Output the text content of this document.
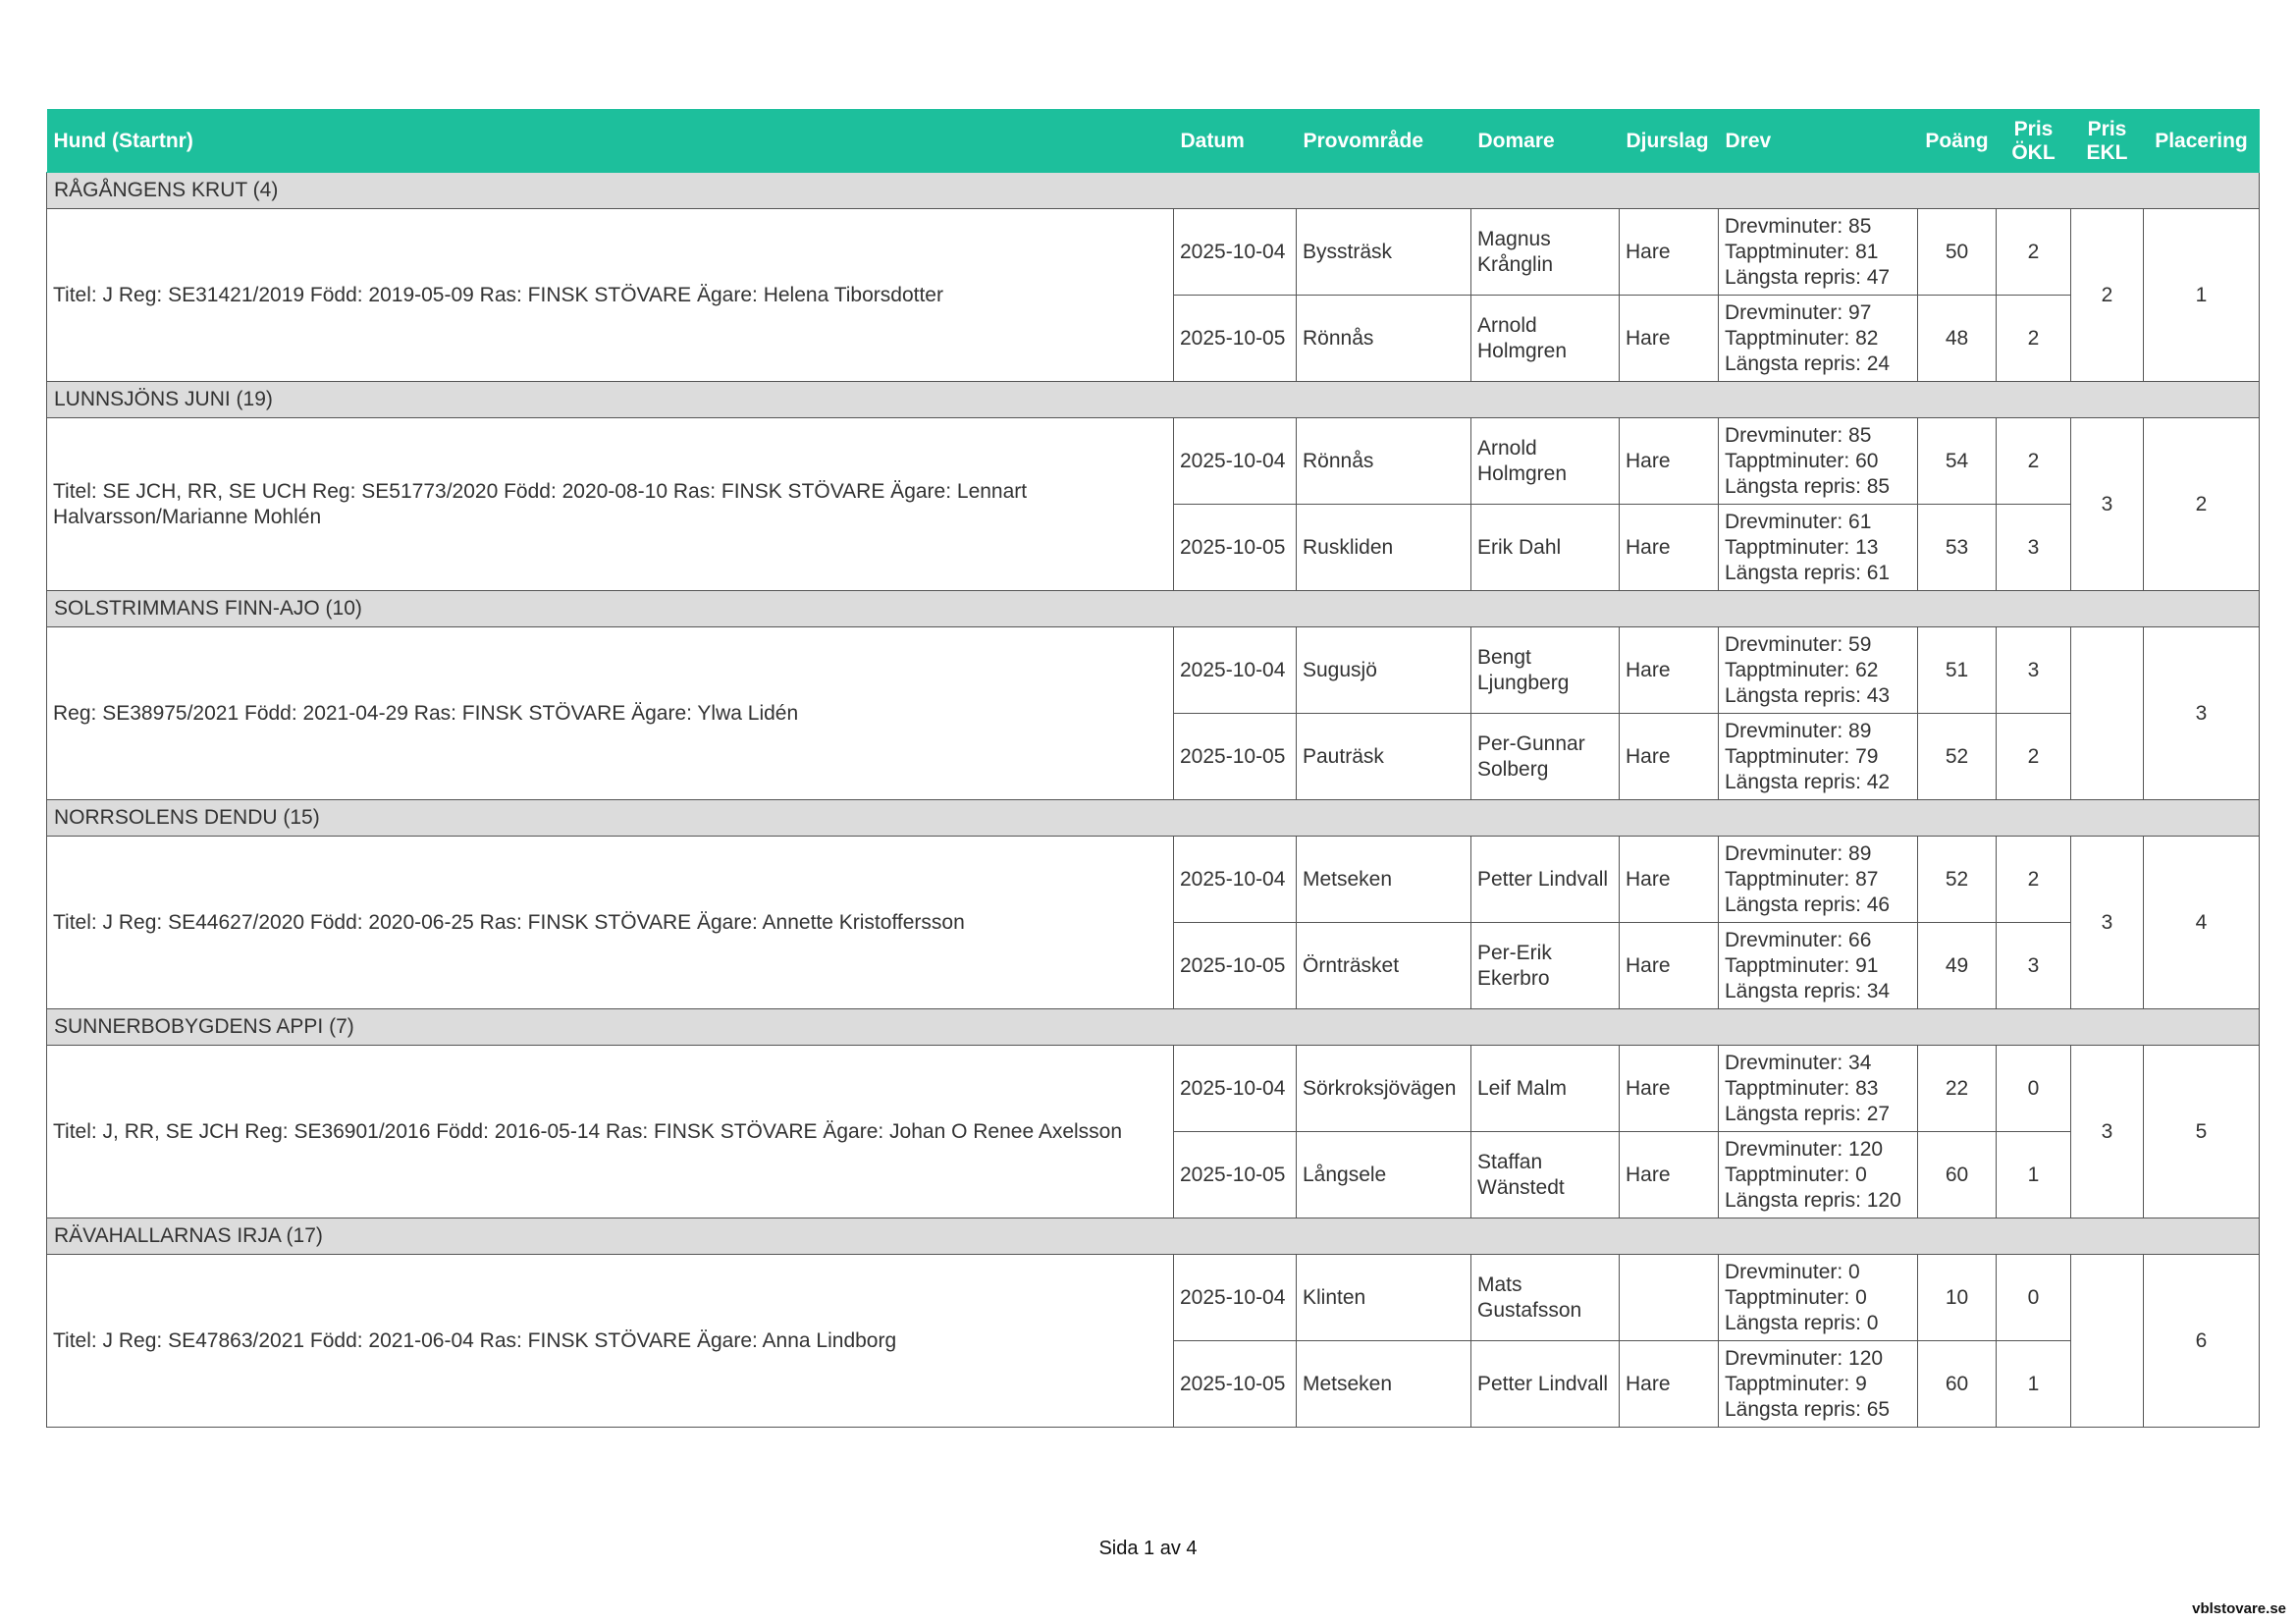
Hund (Startnr)	Datum	Provområde	Domare	Djurslag	Drev	Poäng	Pris ÖKL	Pris EKL	Placering
RÅGÅNGENS KRUT (4)									
Titel: J Reg: SE31421/2019 Född: 2019-05-09 Ras: FINSK STÖVARE Ägare: Helena Tiborsdotter	2025-10-04	Byssträsk	Magnus Krånglin	Hare	Drevminuter: 85
Tapptminuter: 81
Längsta repris: 47	50	2	2	1
	2025-10-05	Rönnås	Arnold Holmgren	Hare	Drevminuter: 97
Tapptminuter: 82
Längsta repris: 24	48	2		
LUNNSJÖNS JUNI (19)									
Titel: SE JCH, RR, SE UCH Reg: SE51773/2020 Född: 2020-08-10 Ras: FINSK STÖVARE Ägare: Lennart Halvarsson/Marianne Mohlén	2025-10-04	Rönnås	Arnold Holmgren	Hare	Drevminuter: 85
Tapptminuter: 60
Längsta repris: 85	54	2	3	2
	2025-10-05	Ruskliden	Erik Dahl	Hare	Drevminuter: 61
Tapptminuter: 13
Längsta repris: 61	53	3		
SOLSTRIMMANS FINN-AJO (10)									
Reg: SE38975/2021 Född: 2021-04-29 Ras: FINSK STÖVARE Ägare: Ylwa Lidén	2025-10-04	Sugusjö	Bengt Ljungberg	Hare	Drevminuter: 59
Tapptminuter: 62
Längsta repris: 43	51	3		3
	2025-10-05	Pauträsk	Per-Gunnar Solberg	Hare	Drevminuter: 89
Tapptminuter: 79
Längsta repris: 42	52	2		
NORRSOLENS DENDU (15)									
Titel: J Reg: SE44627/2020 Född: 2020-06-25 Ras: FINSK STÖVARE Ägare: Annette Kristoffersson	2025-10-04	Metseken	Petter Lindvall	Hare	Drevminuter: 89
Tapptminuter: 87
Längsta repris: 46	52	2	3	4
	2025-10-05	Örnträsket	Per-Erik Ekerbro	Hare	Drevminuter: 66
Tapptminuter: 91
Längsta repris: 34	49	3		
SUNNERBOBYGDENS APPI (7)									
Titel: J, RR, SE JCH Reg: SE36901/2016 Född: 2016-05-14 Ras: FINSK STÖVARE Ägare: Johan O Renee Axelsson	2025-10-04	Sörkroksjövägen	Leif Malm	Hare	Drevminuter: 34
Tapptminuter: 83
Längsta repris: 27	22	0	3	5
	2025-10-05	Långsele	Staffan Wänstedt	Hare	Drevminuter: 120
Tapptminuter: 0
Längsta repris: 120	60	1		
RÄVAHALLARNAS IRJA (17)									
Titel: J Reg: SE47863/2021 Född: 2021-06-04 Ras: FINSK STÖVARE Ägare: Anna Lindborg	2025-10-04	Klinten	Mats Gustafsson		Drevminuter: 0
Tapptminuter: 0
Längsta repris: 0	10	0		6
	2025-10-05	Metseken	Petter Lindvall	Hare	Drevminuter: 120
Tapptminuter: 9
Längsta repris: 65	60	1		
Sida 1 av 4
vblstovare.se
